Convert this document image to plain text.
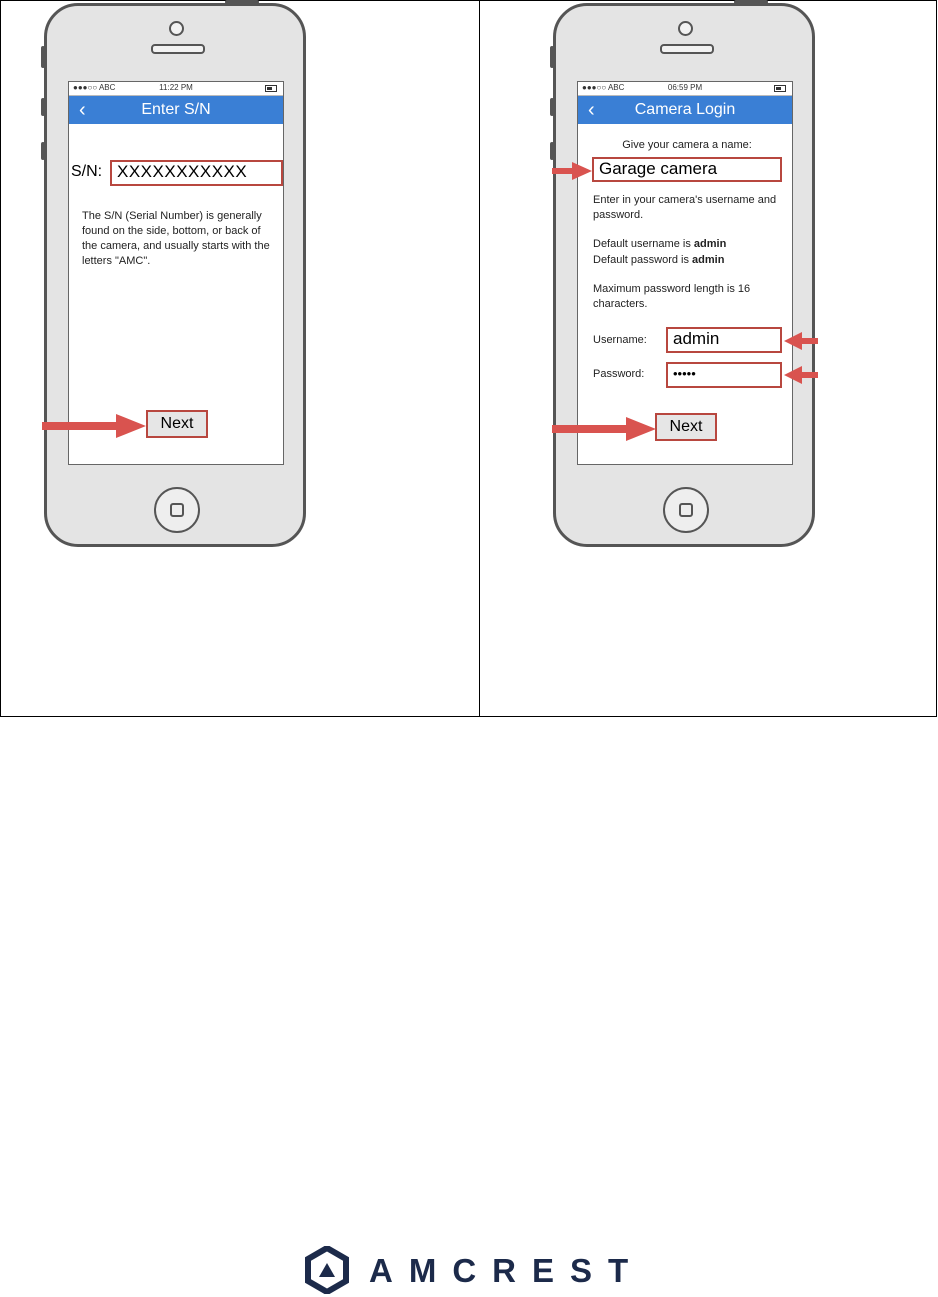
●●●○○ ABC	11:22 PM
‹	Enter S/N
S/N: XXXXXXXXXXX
The S/N (Serial Number) is generally found on the side, bottom, or back of the camera, and usually starts with the letters "AMC".
Next
●●●○○ ABC	06:59 PM
‹	Camera Login
Give your camera a name:
Garage camera
Enter in your camera's username and password.
Default username is admin
Default password is admin
Maximum password length is 16 characters.
Username:	admin
Password:	•••••
Next
AMCREST
